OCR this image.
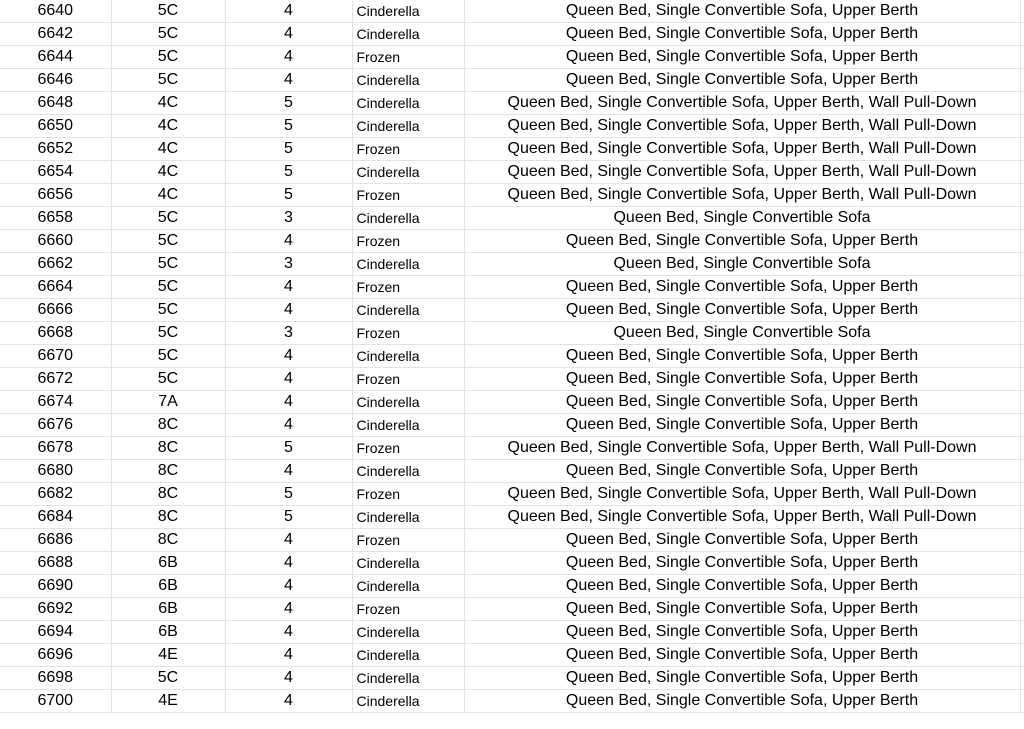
6640	5C	4	Cinderella	Queen Bed, Single Convertible Sofa, Upper Berth	
6642	5C	4	Cinderella	Queen Bed, Single Convertible Sofa, Upper Berth	
6644	5C	4	Frozen	Queen Bed, Single Convertible Sofa, Upper Berth	
6646	5C	4	Cinderella	Queen Bed, Single Convertible Sofa, Upper Berth	
6648	4C	5	Cinderella	Queen Bed, Single Convertible Sofa, Upper Berth, Wall Pull-Down	
6650	4C	5	Cinderella	Queen Bed, Single Convertible Sofa, Upper Berth, Wall Pull-Down	
6652	4C	5	Frozen	Queen Bed, Single Convertible Sofa, Upper Berth, Wall Pull-Down	
6654	4C	5	Cinderella	Queen Bed, Single Convertible Sofa, Upper Berth, Wall Pull-Down	
6656	4C	5	Frozen	Queen Bed, Single Convertible Sofa, Upper Berth, Wall Pull-Down	
6658	5C	3	Cinderella	Queen Bed, Single Convertible Sofa	
6660	5C	4	Frozen	Queen Bed, Single Convertible Sofa, Upper Berth	
6662	5C	3	Cinderella	Queen Bed, Single Convertible Sofa	
6664	5C	4	Frozen	Queen Bed, Single Convertible Sofa, Upper Berth	
6666	5C	4	Cinderella	Queen Bed, Single Convertible Sofa, Upper Berth	
6668	5C	3	Frozen	Queen Bed, Single Convertible Sofa	
6670	5C	4	Cinderella	Queen Bed, Single Convertible Sofa, Upper Berth	
6672	5C	4	Frozen	Queen Bed, Single Convertible Sofa, Upper Berth	
6674	7A	4	Cinderella	Queen Bed, Single Convertible Sofa, Upper Berth	
6676	8C	4	Cinderella	Queen Bed, Single Convertible Sofa, Upper Berth	
6678	8C	5	Frozen	Queen Bed, Single Convertible Sofa, Upper Berth, Wall Pull-Down	
6680	8C	4	Cinderella	Queen Bed, Single Convertible Sofa, Upper Berth	
6682	8C	5	Frozen	Queen Bed, Single Convertible Sofa, Upper Berth, Wall Pull-Down	
6684	8C	5	Cinderella	Queen Bed, Single Convertible Sofa, Upper Berth, Wall Pull-Down	
6686	8C	4	Frozen	Queen Bed, Single Convertible Sofa, Upper Berth	
6688	6B	4	Cinderella	Queen Bed, Single Convertible Sofa, Upper Berth	
6690	6B	4	Cinderella	Queen Bed, Single Convertible Sofa, Upper Berth	
6692	6B	4	Frozen	Queen Bed, Single Convertible Sofa, Upper Berth	
6694	6B	4	Cinderella	Queen Bed, Single Convertible Sofa, Upper Berth	
6696	4E	4	Cinderella	Queen Bed, Single Convertible Sofa, Upper Berth	
6698	5C	4	Cinderella	Queen Bed, Single Convertible Sofa, Upper Berth	
6700	4E	4	Cinderella	Queen Bed, Single Convertible Sofa, Upper Berth	
